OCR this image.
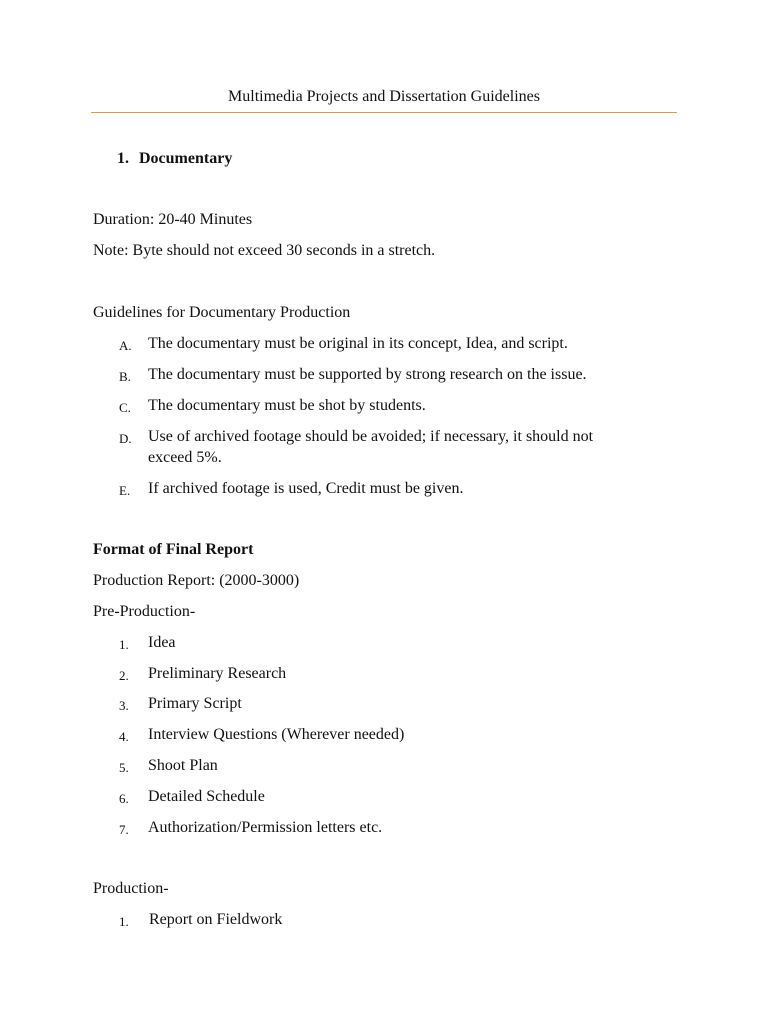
Multimedia Projects and Dissertation Guidelines
1. Documentary
Duration: 20-40 Minutes
Note: Byte should not exceed 30 seconds in a stretch.
Guidelines for Documentary Production
A. The documentary must be original in its concept, Idea, and script.
B. The documentary must be supported by strong research on the issue.
C. The documentary must be shot by students.
D. Use of archived footage should be avoided; if necessary, it should not
exceed 5%.
E. If archived footage is used, Credit must be given.
Format of Final Report
Production Report: (2000-3000)
Pre-Production-
1. Idea
2. Preliminary Research
3. Primary Script
4. Interview Questions (Wherever needed)
5. Shoot Plan
6. Detailed Schedule
7. Authorization/Permission letters etc.
Production-
1. Report on Fieldwork
